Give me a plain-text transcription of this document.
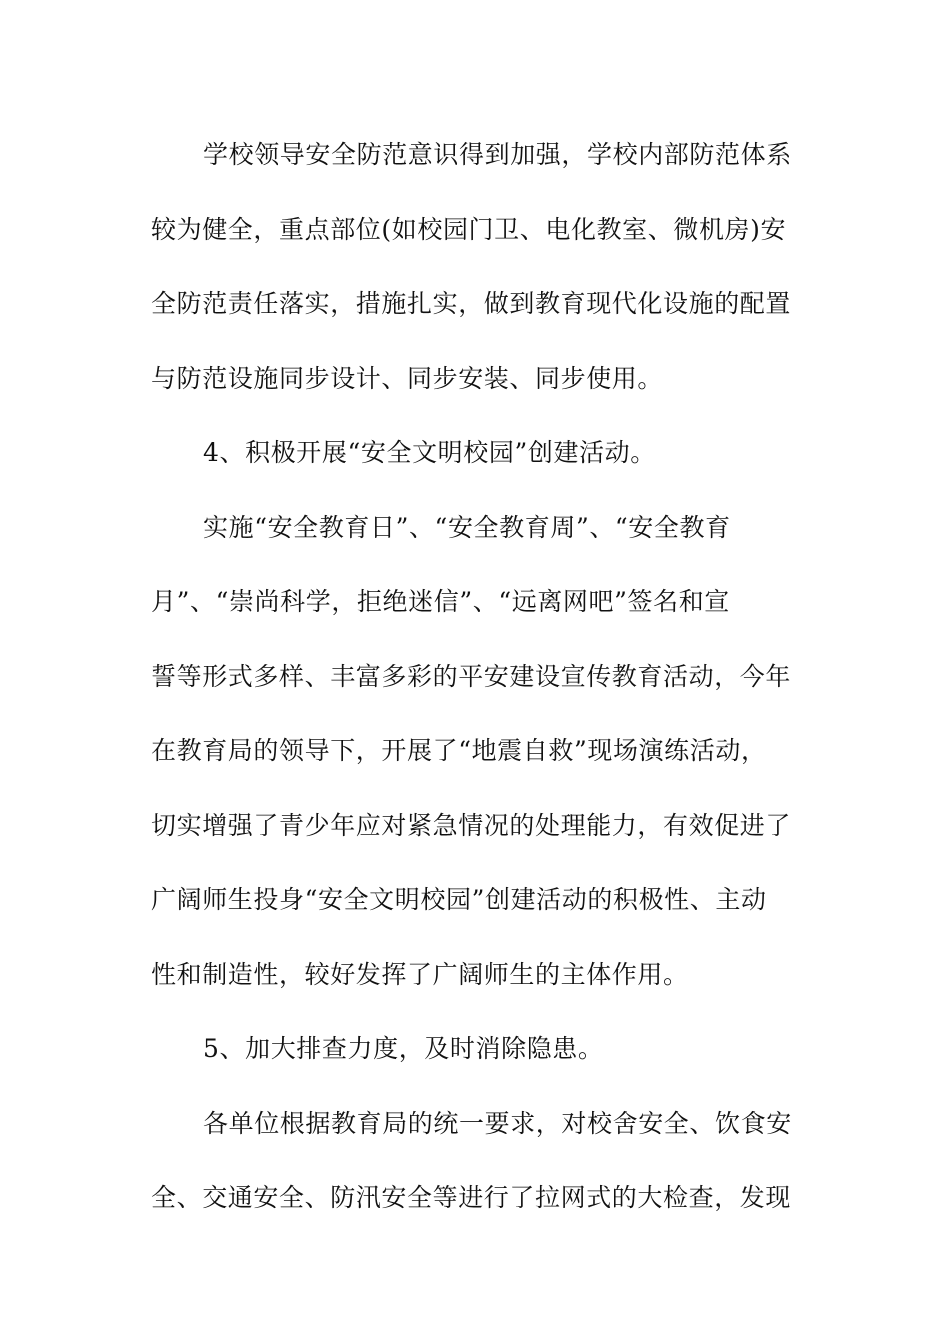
学校领导安全防范意识得到加强，学校内部防范体系
较为健全，重点部位(如校园门卫、电化教室、微机房)安
全防范责任落实，措施扎实，做到教育现代化设施的配置
与防范设施同步设计、同步安装、同步使用。
4、积极开展“安全文明校园”创建活动。
实施“安全教育日”、“安全教育周”、“安全教育
月”、“崇尚科学，拒绝迷信”、“远离网吧”签名和宣
誓等形式多样、丰富多彩的平安建设宣传教育活动，今年
在教育局的领导下，开展了“地震自救”现场演练活动，
切实增强了青少年应对紧急情况的处理能力，有效促进了
广阔师生投身“安全文明校园”创建活动的积极性、主动
性和制造性，较好发挥了广阔师生的主体作用。
5、加大排查力度，及时消除隐患。
各单位根据教育局的统一要求，对校舍安全、饮食安
全、交通安全、防汛安全等进行了拉网式的大检查，发现
